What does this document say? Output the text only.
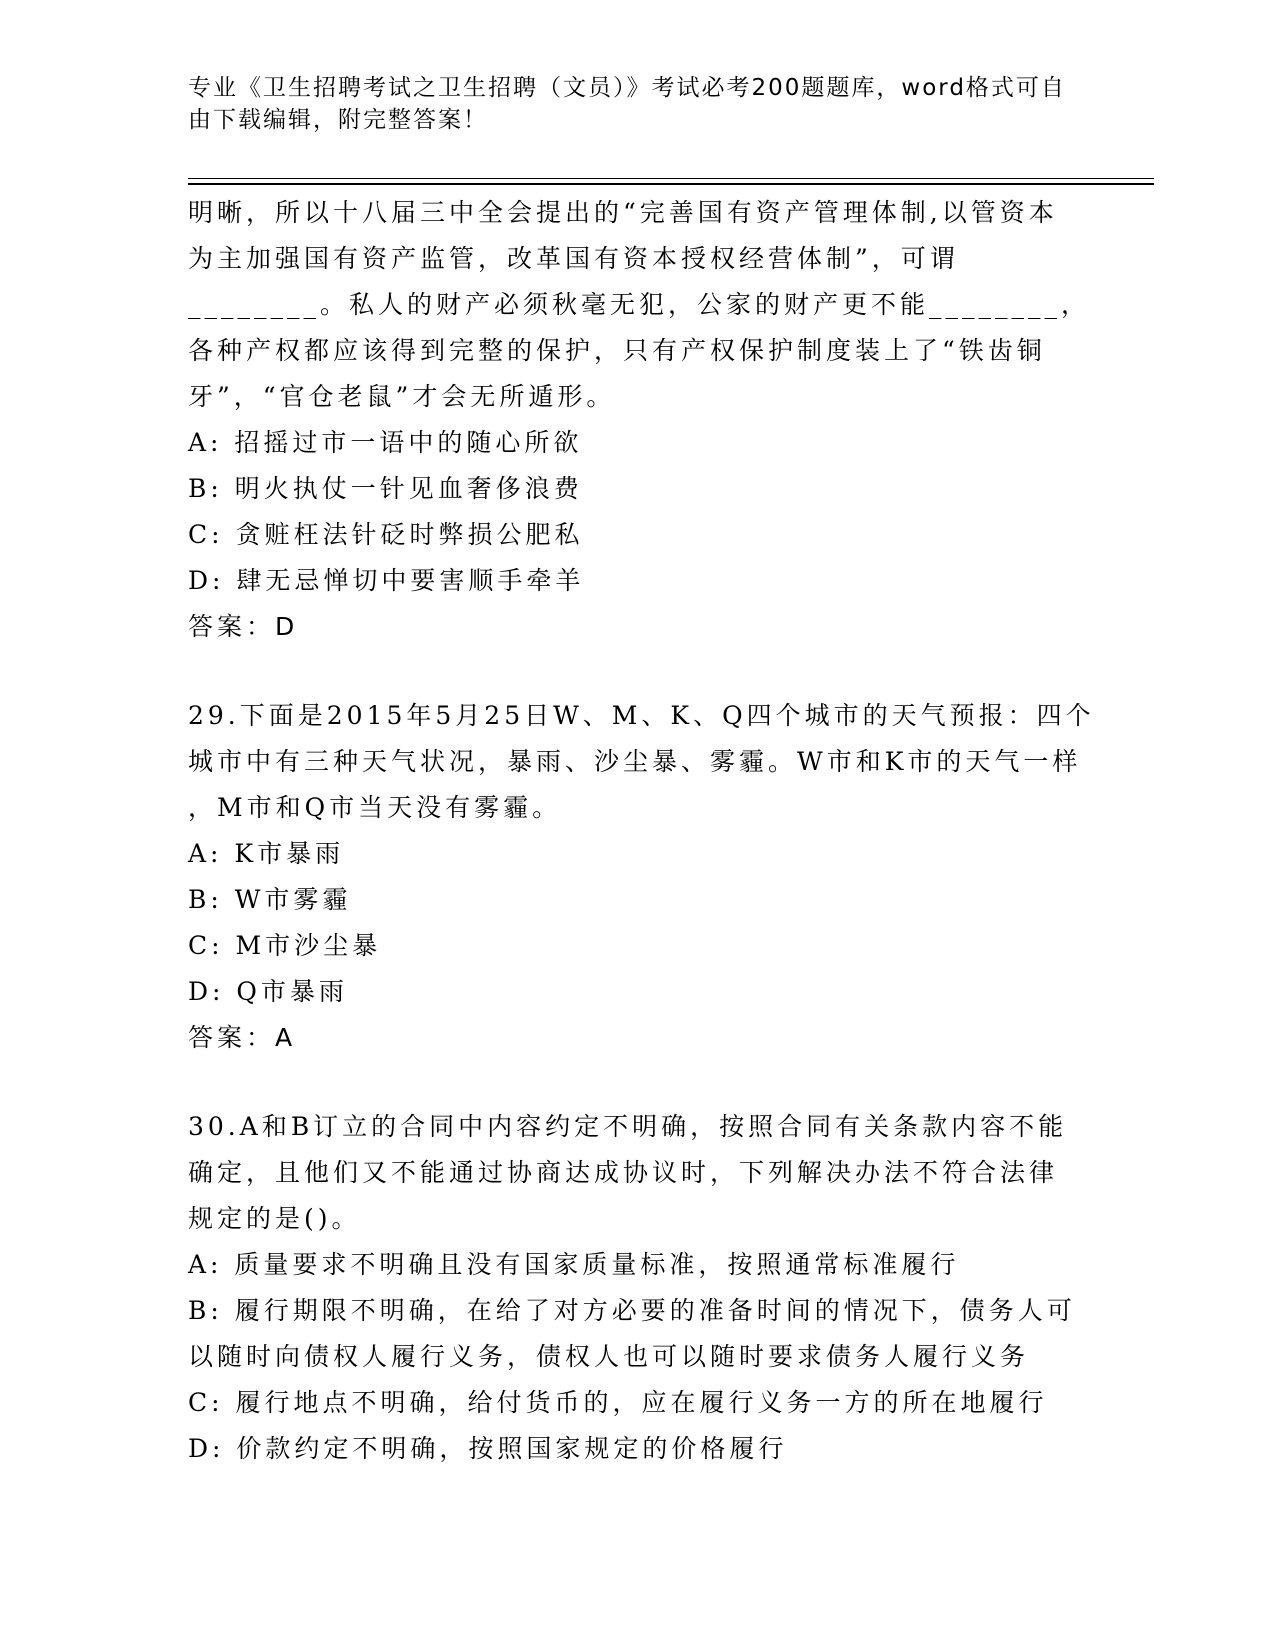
专业《卫生招聘考试之卫生招聘（文员）》考试必考200题题库，word格式可自
由下载编辑，附完整答案！
明晰，所以十八届三中全会提出的“完善国有资产管理体制,以管资本
为主加强国有资产监管，改革国有资本授权经营体制”，可谓
________。私人的财产必须秋毫无犯，公家的财产更不能________，
各种产权都应该得到完整的保护，只有产权保护制度装上了“铁齿铜
牙”，“官仓老鼠”才会无所遁形。
A: 招摇过市一语中的随心所欲
B: 明火执仗一针见血奢侈浪费
C: 贪赃枉法针砭时弊损公肥私
D: 肆无忌惮切中要害顺手牵羊
答案：D
29.下面是2015年5月25日W、M、K、Q四个城市的天气预报：四个
城市中有三种天气状况，暴雨、沙尘暴、雾霾。W市和K市的天气一样
，M市和Q市当天没有雾霾。
A: K市暴雨
B: W市雾霾
C: M市沙尘暴
D: Q市暴雨
答案：A
30.A和B订立的合同中内容约定不明确，按照合同有关条款内容不能
确定，且他们又不能通过协商达成协议时，下列解决办法不符合法律
规定的是()。
A: 质量要求不明确且没有国家质量标准，按照通常标准履行
B: 履行期限不明确，在给了对方必要的准备时间的情况下，债务人可
以随时向债权人履行义务，债权人也可以随时要求债务人履行义务
C: 履行地点不明确，给付货币的，应在履行义务一方的所在地履行
D: 价款约定不明确，按照国家规定的价格履行
